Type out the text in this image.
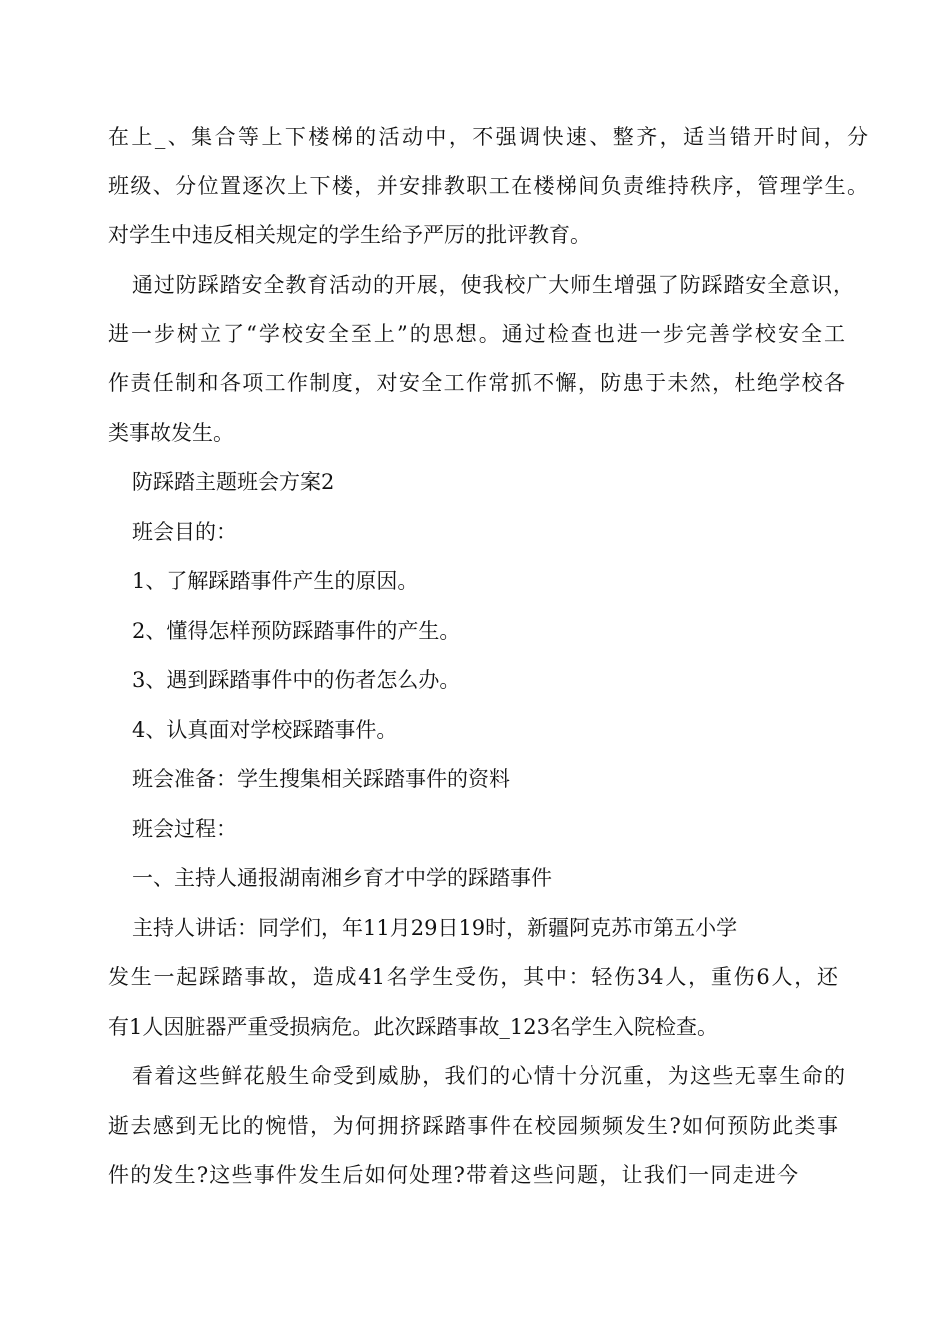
在上_、集合等上下楼梯的活动中，不强调快速、整齐，适当错开时间，分
班级、分位置逐次上下楼，并安排教职工在楼梯间负责维持秩序，管理学生。
对学生中违反相关规定的学生给予严厉的批评教育。
通过防踩踏安全教育活动的开展，使我校广大师生增强了防踩踏安全意识，
进一步树立了“学校安全至上”的思想。通过检查也进一步完善学校安全工
作责任制和各项工作制度，对安全工作常抓不懈，防患于未然，杜绝学校各
类事故发生。
防踩踏主题班会方案2
班会目的：
1、了解踩踏事件产生的原因。
2、懂得怎样预防踩踏事件的产生。
3、遇到踩踏事件中的伤者怎么办。
4、认真面对学校踩踏事件。
班会准备：学生搜集相关踩踏事件的资料
班会过程：
一、主持人通报湖南湘乡育才中学的踩踏事件
主持人讲话：同学们，年11月29日19时，新疆阿克苏市第五小学
发生一起踩踏事故，造成41名学生受伤，其中：轻伤34人，重伤6人，还
有1人因脏器严重受损病危。此次踩踏事故_123名学生入院检查。
看着这些鲜花般生命受到威胁，我们的心情十分沉重，为这些无辜生命的
逝去感到无比的惋惜，为何拥挤踩踏事件在校园频频发生?如何预防此类事
件的发生?这些事件发生后如何处理?带着这些问题，让我们一同走进今
